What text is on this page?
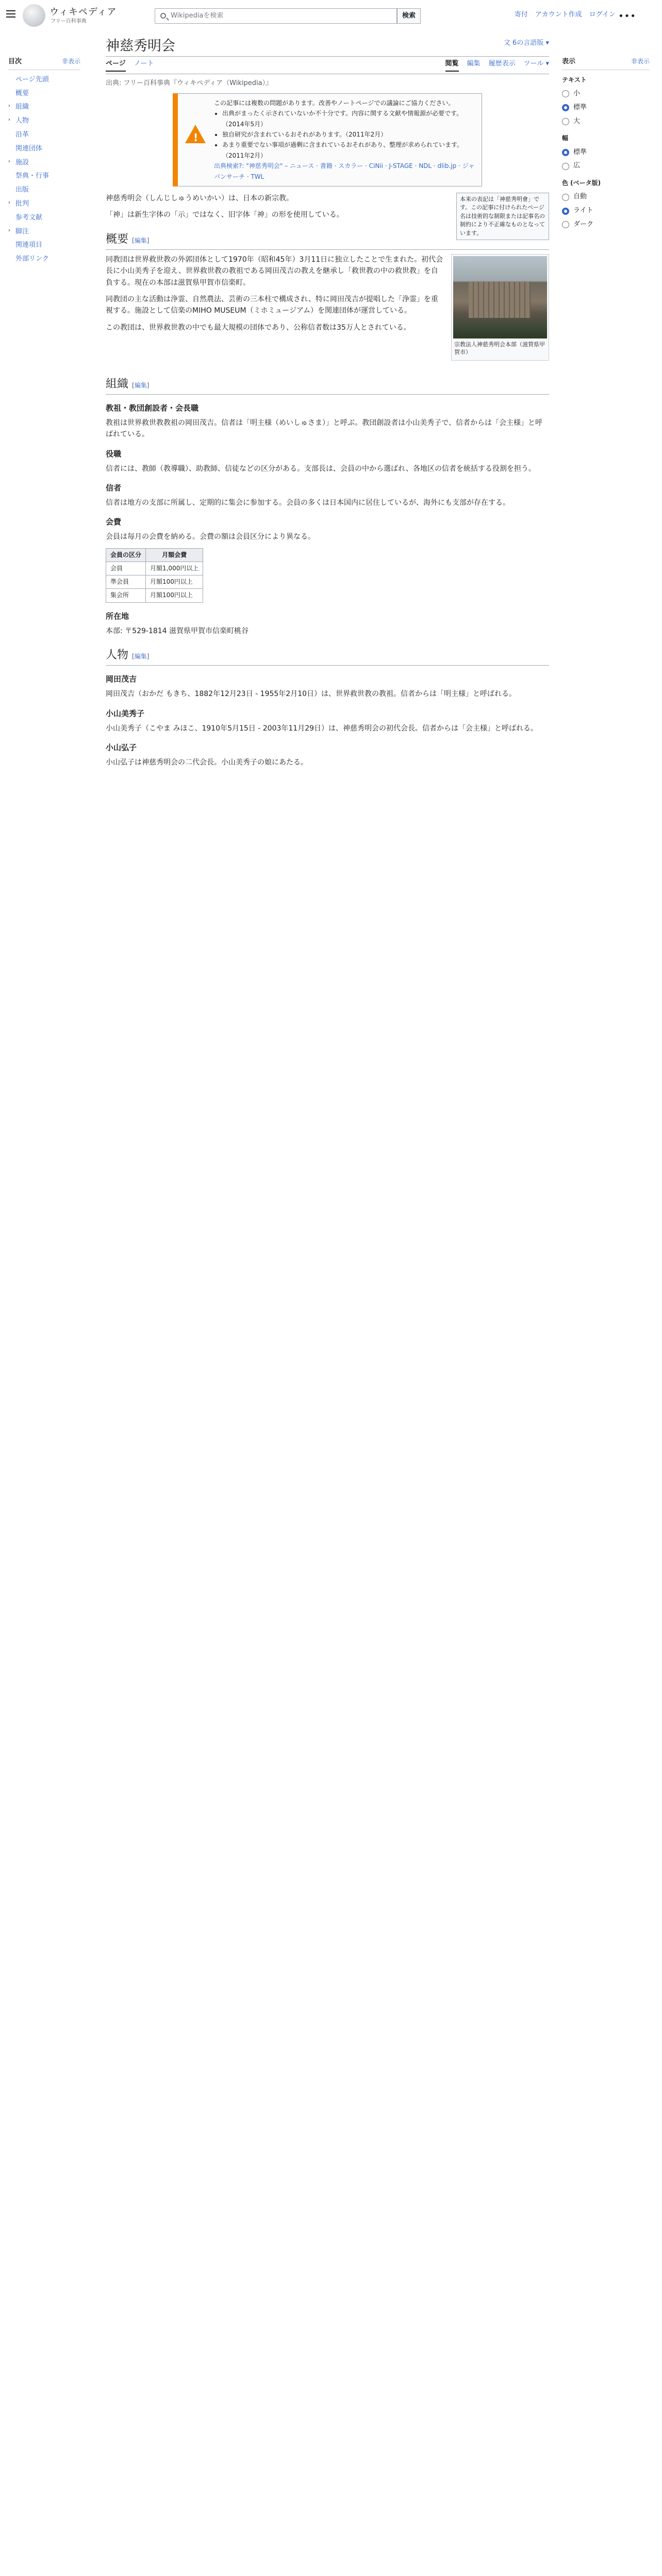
ウィキペディア
フリー百科事典
Wikipediaを検索	検索	寄付 アカウント作成 ログイン •••
目次	非表示
ページ先頭
概要
› 組織
› 人物
沿革
関連団体
› 施設
祭典・行事
出版
› 批判
参考文献
› 脚注
関連項目
外部リンク
神慈秀明会	文 6の言語版 ▾
ページ ノート	閲覧 編集 履歴表示 ツール ▾
出典: フリー百科事典『ウィキペディア（Wikipedia）』
!
この記事には複数の問題があります。改善やノートページでの議論にご協力ください。
• 出典がまったく示されていないか不十分です。内容に関する文献や情報源が必要です。（2014年5月）
• 独自研究が含まれているおそれがあります。（2011年2月）
• あまり重要でない事項が過剰に含まれているおそれがあり、整理が求められています。（2011年2月）
出典検索?: "神慈秀明会" – ニュース · 書籍 · スカラー · CiNii · J-STAGE · NDL · dlib.jp · ジャパンサーチ · TWL
本来の表記は「神慈秀明會」です。この記事に付けられたページ名は技術的な制限または記事名の制約により不正確なものとなっています。

神慈秀明会（しんじしゅうめいかい）は、日本の新宗教。

「神」は新生字体の「示」ではなく、旧字体「神」の形を使用している。

概要 [編集]
宗教法人神慈秀明会本部（滋賀県甲賀市）

同教団は世界救世教の外郭団体として1970年（昭和45年）3月11日に独立したことで生まれた。初代会長に小山美秀子を迎え、世界救世教の教祖である岡田茂吉の教えを継承し「救世教の中の救世教」を自負する。現在の本部は滋賀県甲賀市信楽町。

同教団の主な活動は浄霊、自然農法、芸術の三本柱で構成され、特に岡田茂吉が提唱した「浄霊」を重視する。施設として信楽のMIHO MUSEUM（ミホミュージアム）を関連団体が運営している。

この教団は、世界救世教の中でも最大規模の団体であり、公称信者数は35万人とされている。

組織 [編集]
教祖・教団創設者・会長職

教祖は世界救世教教祖の岡田茂吉。信者は「明主様（めいしゅさま）」と呼ぶ。教団創設者は小山美秀子で、信者からは「会主様」と呼ばれている。

役職

信者には、教師（教導職）、助教師、信徒などの区分がある。支部長は、会員の中から選ばれ、各地区の信者を統括する役割を担う。

信者

信者は地方の支部に所属し、定期的に集会に参加する。会員の多くは日本国内に居住しているが、海外にも支部が存在する。

会費

会員は毎月の会費を納める。会費の額は会員区分により異なる。

会員の区分	月額会費
会員	月額1,000円以上
準会員	月額100円以上
集会所	月額100円以上
所在地

本部: 〒529-1814 滋賀県甲賀市信楽町桃谷

人物 [編集]
岡田茂吉

岡田茂吉（おかだ もきち、1882年12月23日 - 1955年2月10日）は、世界救世教の教祖。信者からは「明主様」と呼ばれる。

小山美秀子

小山美秀子（こやま みほこ、1910年5月15日 - 2003年11月29日）は、神慈秀明会の初代会長。信者からは「会主様」と呼ばれる。

小山弘子

小山弘子は神慈秀明会の二代会長。小山美秀子の娘にあたる。

表示	非表示
テキスト
小
標準
大
幅
標準
広
色 (ベータ版)
自動
ライト
ダーク
